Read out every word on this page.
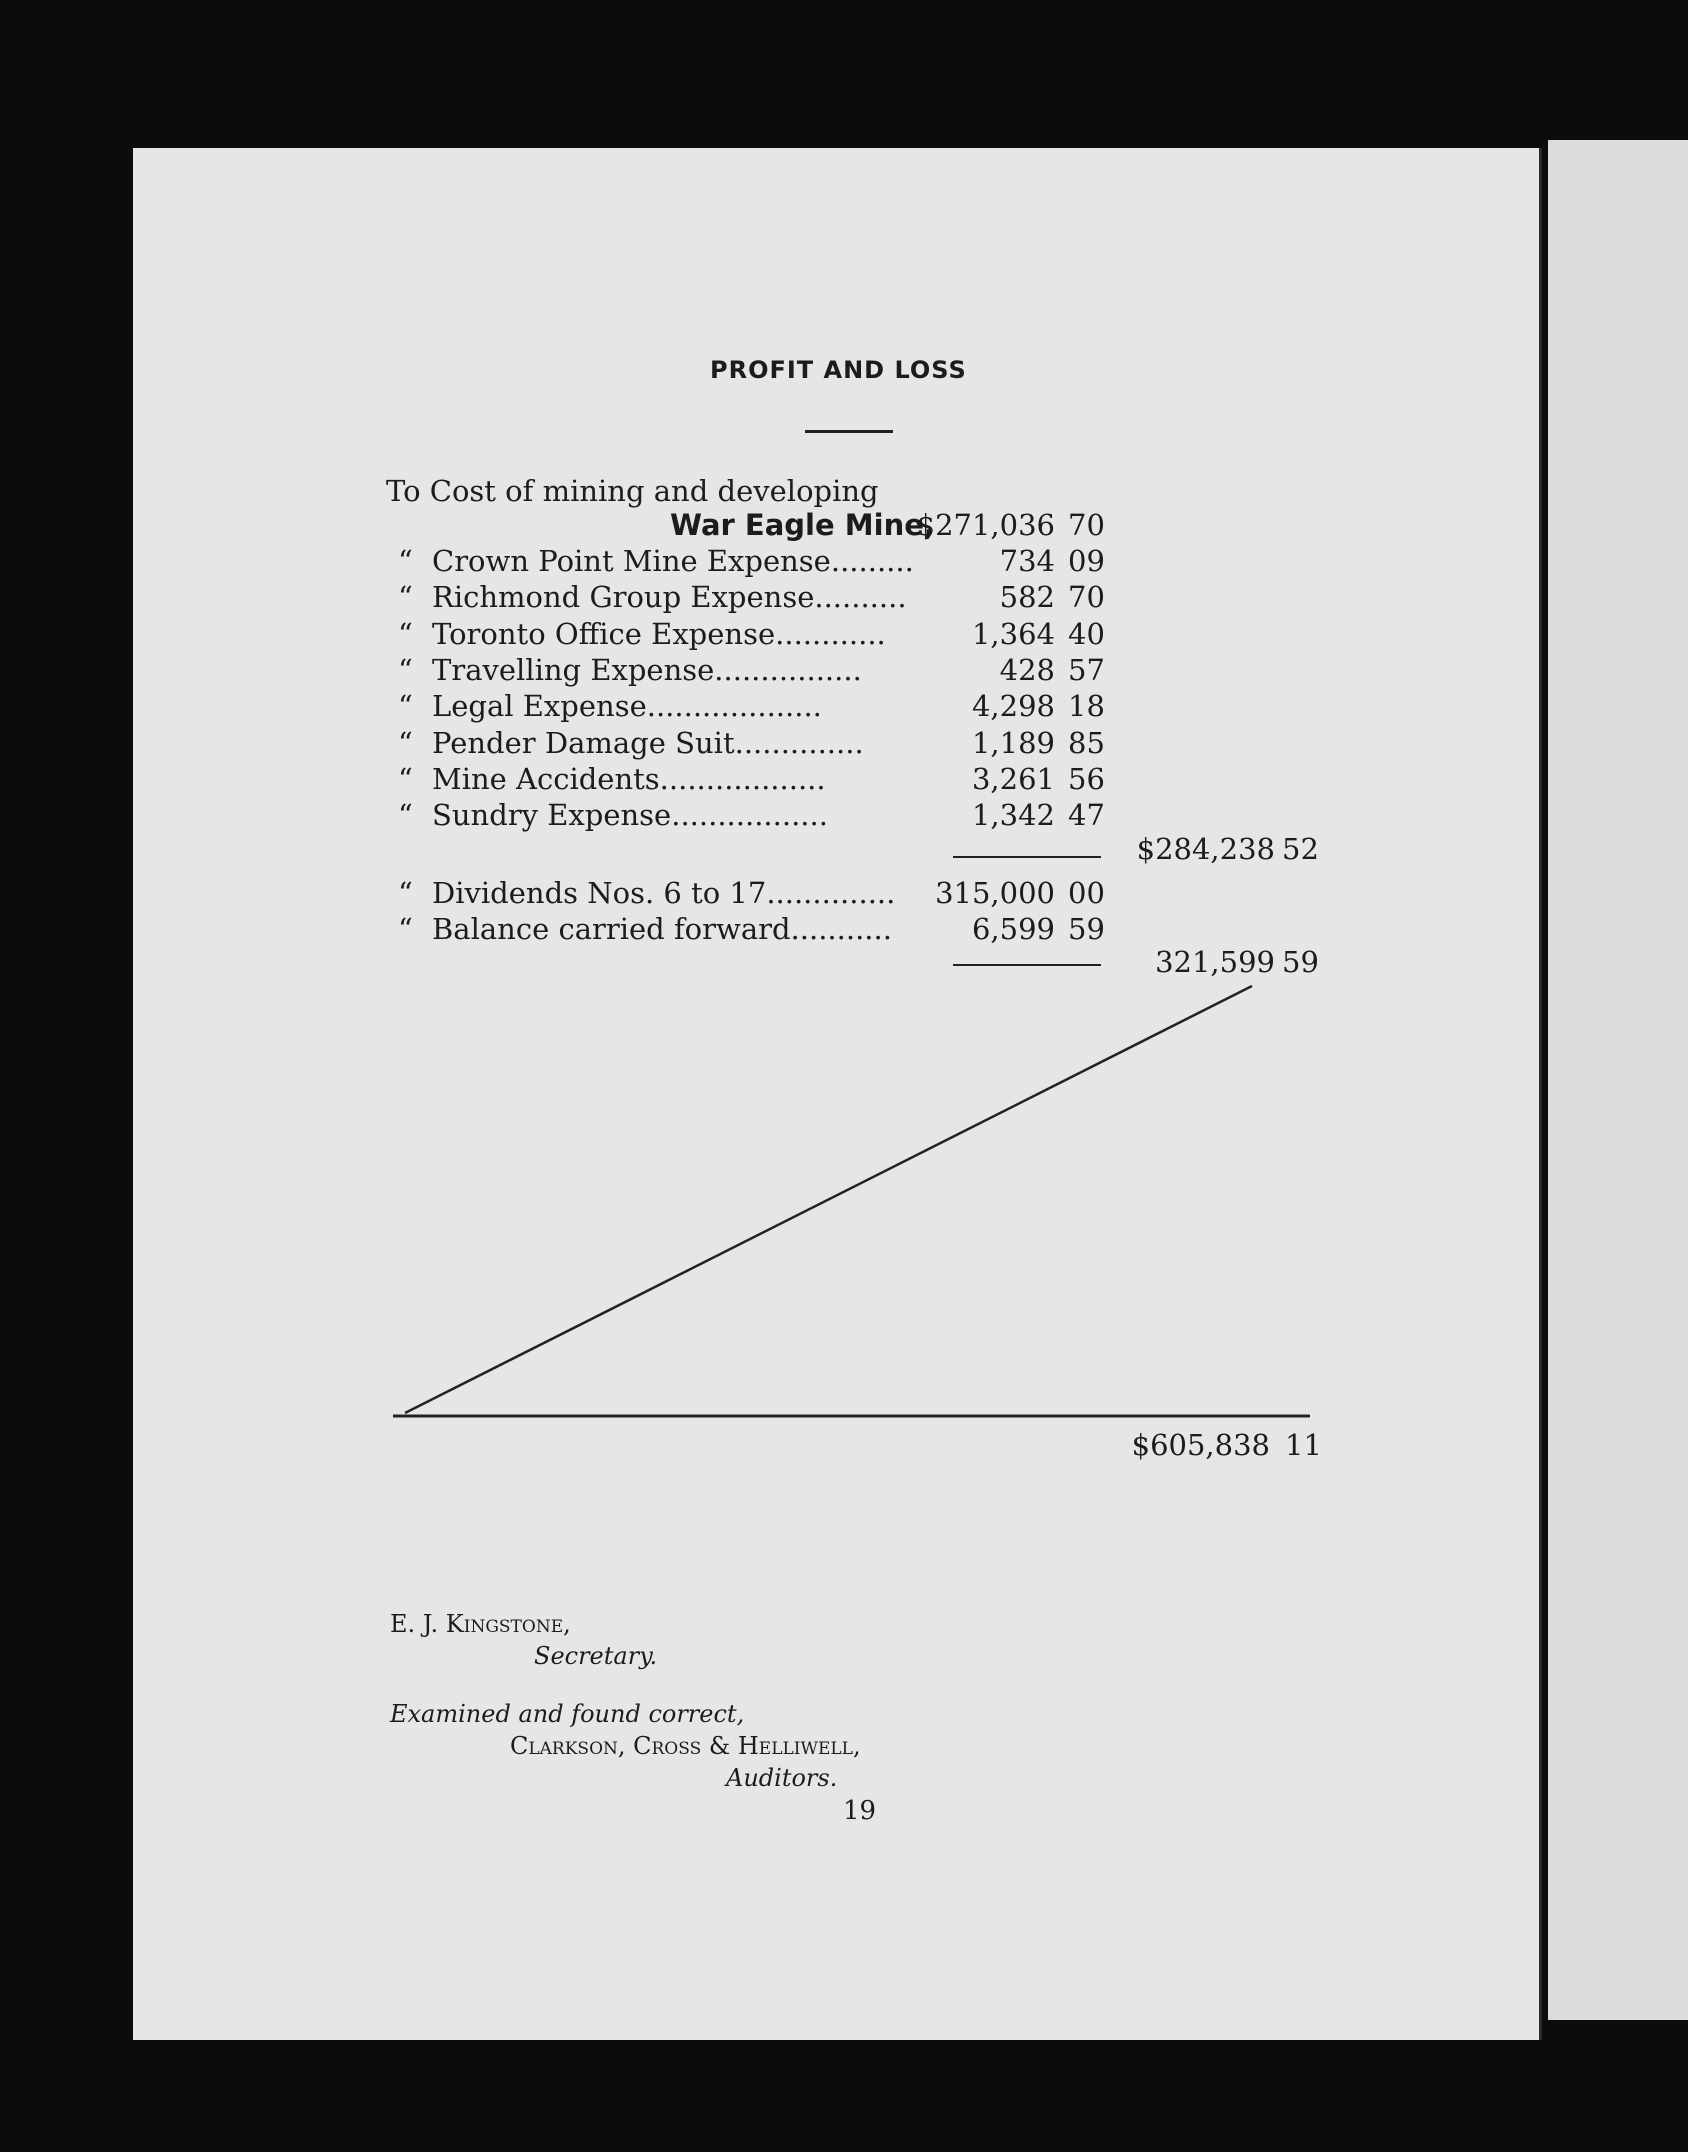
PROFIT AND LOSS
To Cost of mining and developing
War Eagle Mine,
$271,036 70
“ Crown Point Mine Expense.........	734 09
“ Richmond Group Expense..........	582 70
“ Toronto Office Expense............	1,364 40
“ Travelling Expense................	428 57
“ Legal Expense...................	4,298 18
“ Pender Damage Suit..............	1,189 85
“ Mine Accidents..................	3,261 56
“ Sundry Expense.................	1,342 47
$284,238 52
“ Dividends Nos. 6 to 17..............	315,000 00
“ Balance carried forward...........	6,599 59
321,599 59
$605,838 11
E. J. Kingstone,
Secretary.
Examined and found correct,
Clarkson, Cross & Helliwell,
Auditors.
19
